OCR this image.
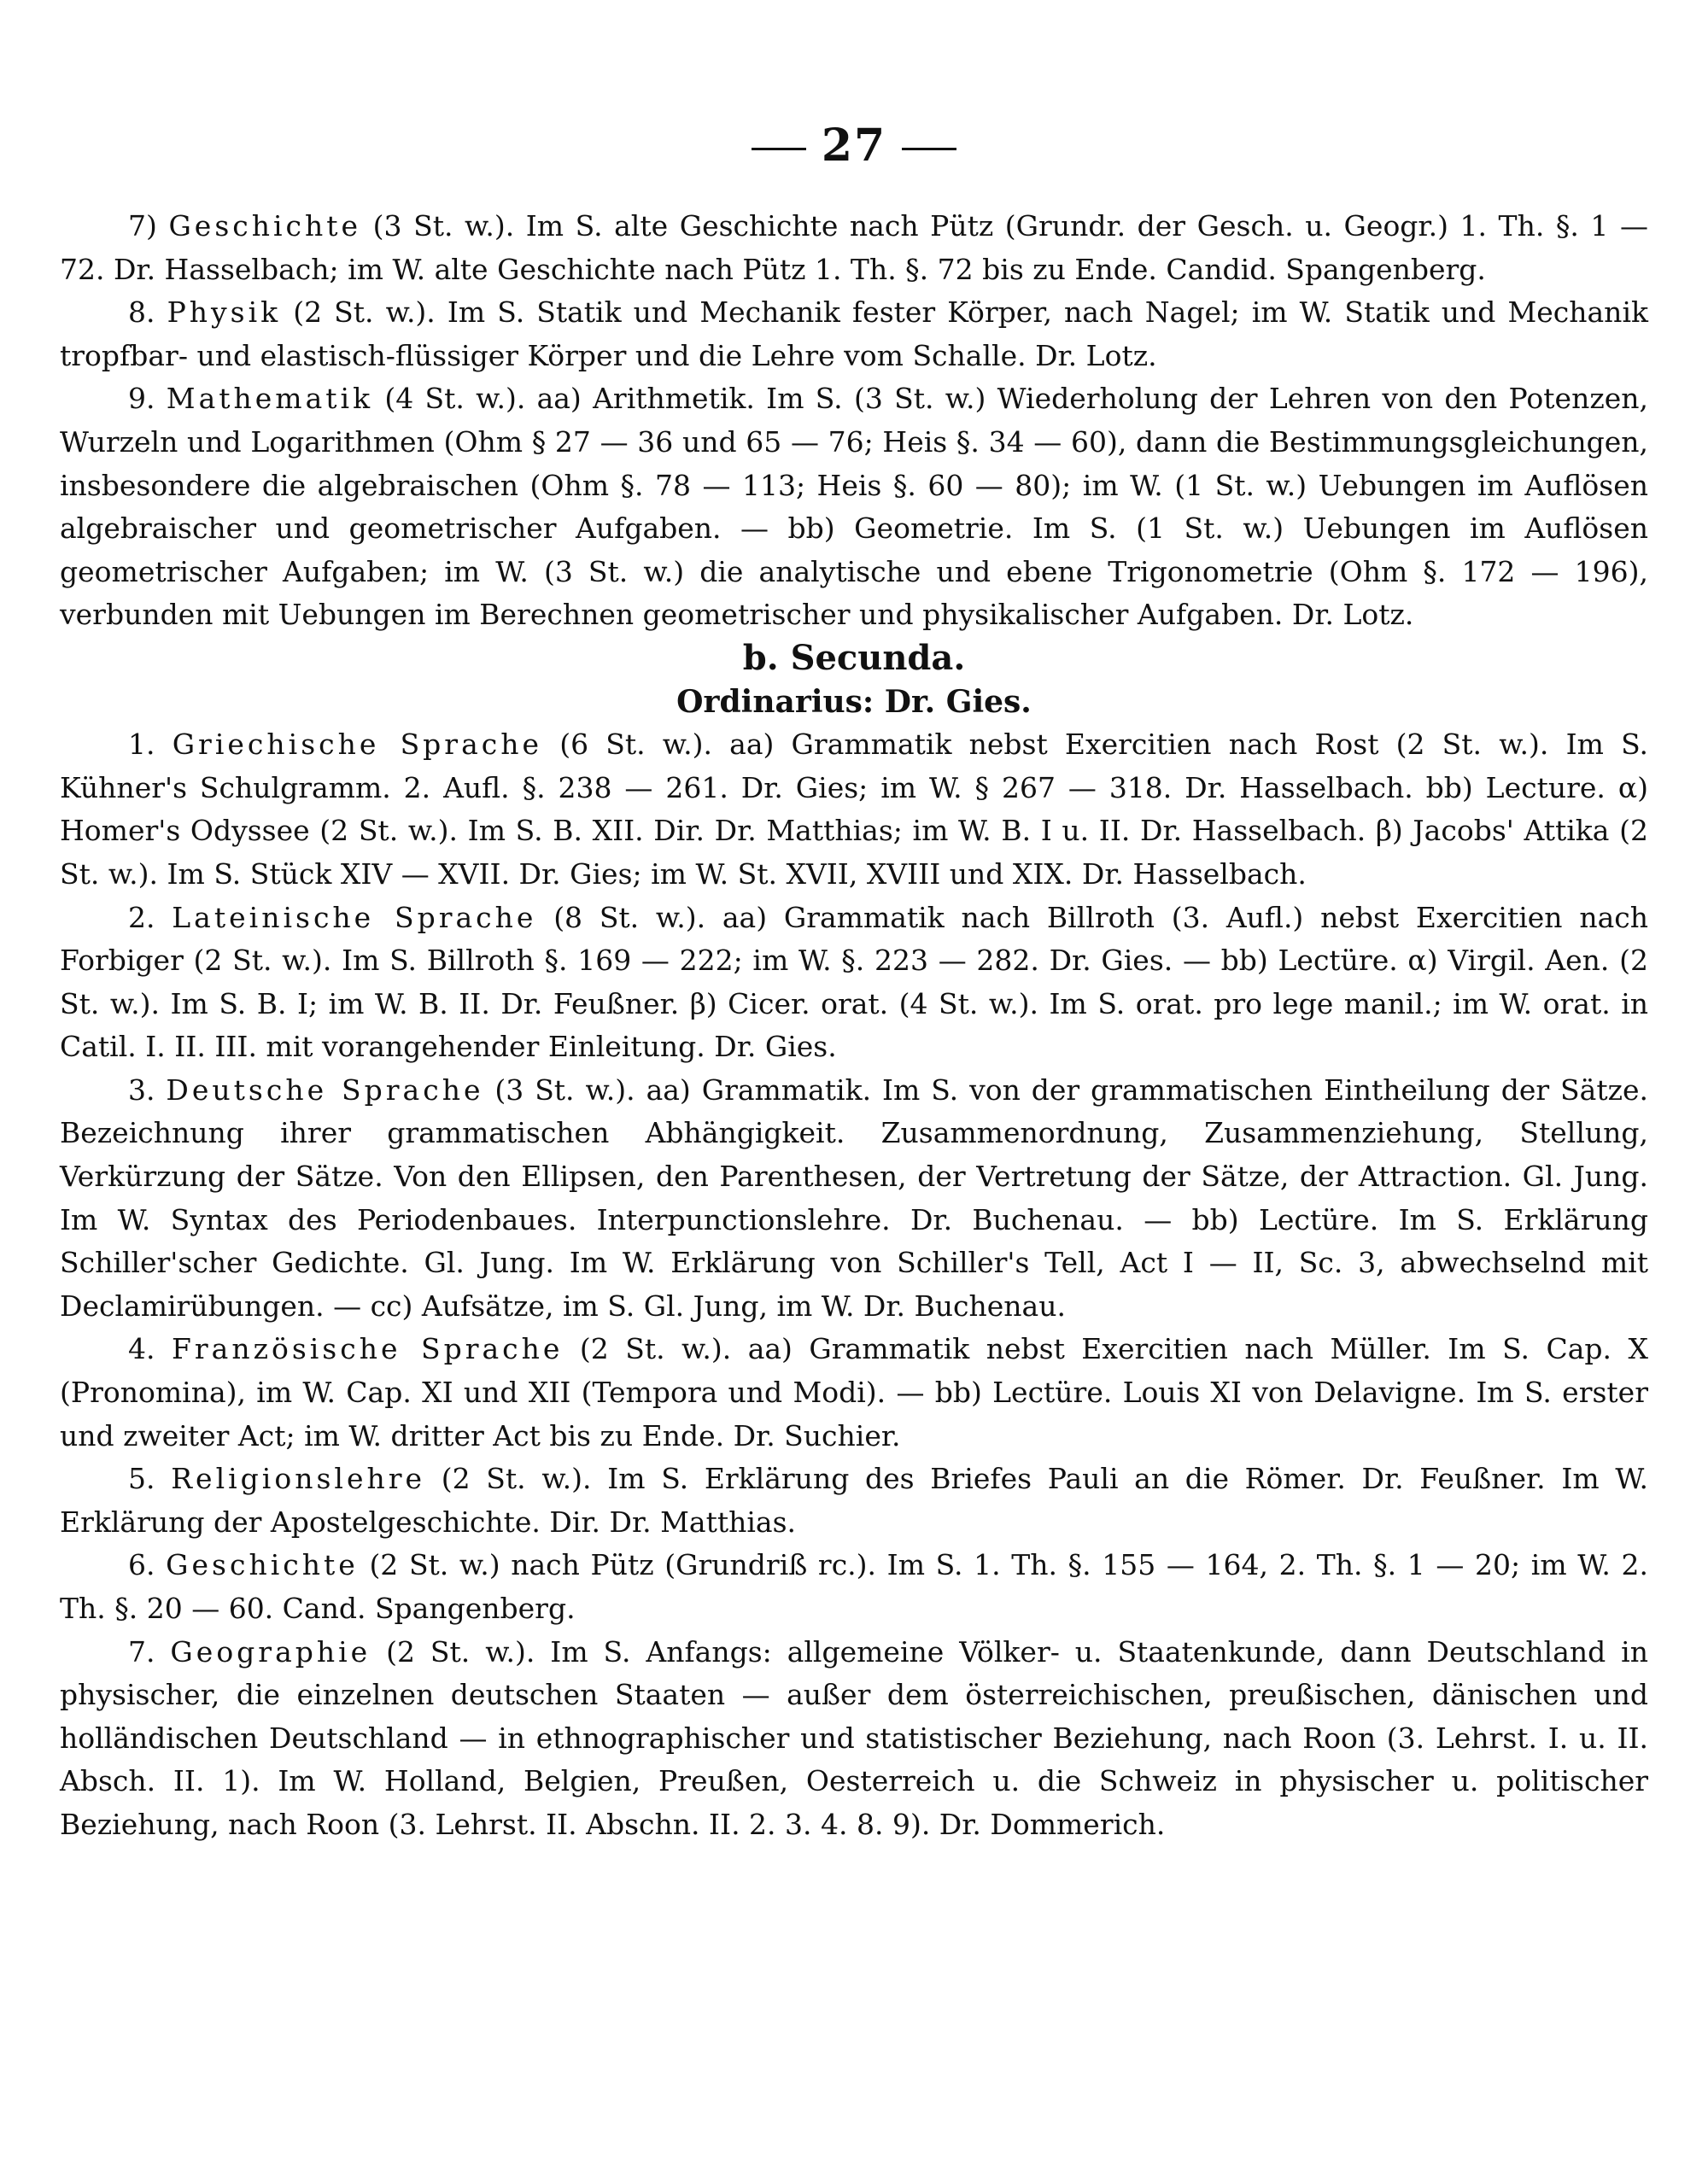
27

7) Geschichte (3 St. w.). Im S. alte Geschichte nach Pütz (Grundr. der Gesch. u. Geogr.) 1. Th. §. 1 — 72. Dr. Hasselbach; im W. alte Geschichte nach Pütz 1. Th. §. 72 bis zu Ende. Candid. Spangenberg.

8. Physik (2 St. w.). Im S. Statik und Mechanik fester Körper, nach Nagel; im W. Statik und Mechanik tropfbar- und elastisch-flüssiger Körper und die Lehre vom Schalle. Dr. Lotz.

9. Mathematik (4 St. w.). aa) Arithmetik. Im S. (3 St. w.) Wiederholung der Lehren von den Potenzen, Wurzeln und Logarithmen (Ohm § 27 — 36 und 65 — 76; Heis §. 34 — 60), dann die Bestimmungsgleichungen, insbesondere die algebraischen (Ohm §. 78 — 113; Heis §. 60 — 80); im W. (1 St. w.) Uebungen im Auflösen algebraischer und geometrischer Aufgaben. — bb) Geometrie. Im S. (1 St. w.) Uebungen im Auflösen geometrischer Aufgaben; im W. (3 St. w.) die analytische und ebene Trigonometrie (Ohm §. 172 — 196), verbunden mit Uebungen im Berechnen geometrischer und physikalischer Aufgaben. Dr. Lotz.

b. Secunda.

Ordinarius: Dr. Gies.

1. Griechische Sprache (6 St. w.). aa) Grammatik nebst Exercitien nach Rost (2 St. w.). Im S. Kühner's Schulgramm. 2. Aufl. §. 238 — 261. Dr. Gies; im W. § 267 — 318. Dr. Hasselbach. bb) Lecture. α) Homer's Odyssee (2 St. w.). Im S. B. XII. Dir. Dr. Matthias; im W. B. I u. II. Dr. Hasselbach. β) Jacobs' Attika (2 St. w.). Im S. Stück XIV — XVII. Dr. Gies; im W. St. XVII, XVIII und XIX. Dr. Hasselbach.

2. Lateinische Sprache (8 St. w.). aa) Grammatik nach Billroth (3. Aufl.) nebst Exercitien nach Forbiger (2 St. w.). Im S. Billroth §. 169 — 222; im W. §. 223 — 282. Dr. Gies. — bb) Lectüre. α) Virgil. Aen. (2 St. w.). Im S. B. I; im W. B. II. Dr. Feußner. β) Cicer. orat. (4 St. w.). Im S. orat. pro lege manil.; im W. orat. in Catil. I. II. III. mit vorangehender Einleitung. Dr. Gies.

3. Deutsche Sprache (3 St. w.). aa) Grammatik. Im S. von der grammatischen Eintheilung der Sätze. Bezeichnung ihrer grammatischen Abhängigkeit. Zusammenordnung, Zusammenziehung, Stellung, Verkürzung der Sätze. Von den Ellipsen, den Parenthesen, der Vertretung der Sätze, der Attraction. Gl. Jung. Im W. Syntax des Periodenbaues. Interpunctionslehre. Dr. Buchenau. — bb) Lectüre. Im S. Erklärung Schiller'scher Gedichte. Gl. Jung. Im W. Erklärung von Schiller's Tell, Act I — II, Sc. 3, abwechselnd mit Declamirübungen. — cc) Aufsätze, im S. Gl. Jung, im W. Dr. Buchenau.

4. Französische Sprache (2 St. w.). aa) Grammatik nebst Exercitien nach Müller. Im S. Cap. X (Pronomina), im W. Cap. XI und XII (Tempora und Modi). — bb) Lectüre. Louis XI von Delavigne. Im S. erster und zweiter Act; im W. dritter Act bis zu Ende. Dr. Suchier.

5. Religionslehre (2 St. w.). Im S. Erklärung des Briefes Pauli an die Römer. Dr. Feußner. Im W. Erklärung der Apostelgeschichte. Dir. Dr. Matthias.

6. Geschichte (2 St. w.) nach Pütz (Grundriß rc.). Im S. 1. Th. §. 155 — 164, 2. Th. §. 1 — 20; im W. 2. Th. §. 20 — 60. Cand. Spangenberg.

7. Geographie (2 St. w.). Im S. Anfangs: allgemeine Völker- u. Staatenkunde, dann Deutschland in physischer, die einzelnen deutschen Staaten — außer dem österreichischen, preußischen, dänischen und holländischen Deutschland — in ethnographischer und statistischer Beziehung, nach Roon (3. Lehrst. I. u. II. Absch. II. 1). Im W. Holland, Belgien, Preußen, Oesterreich u. die Schweiz in physischer u. politischer Beziehung, nach Roon (3. Lehrst. II. Abschn. II. 2. 3. 4. 8. 9). Dr. Dommerich.
